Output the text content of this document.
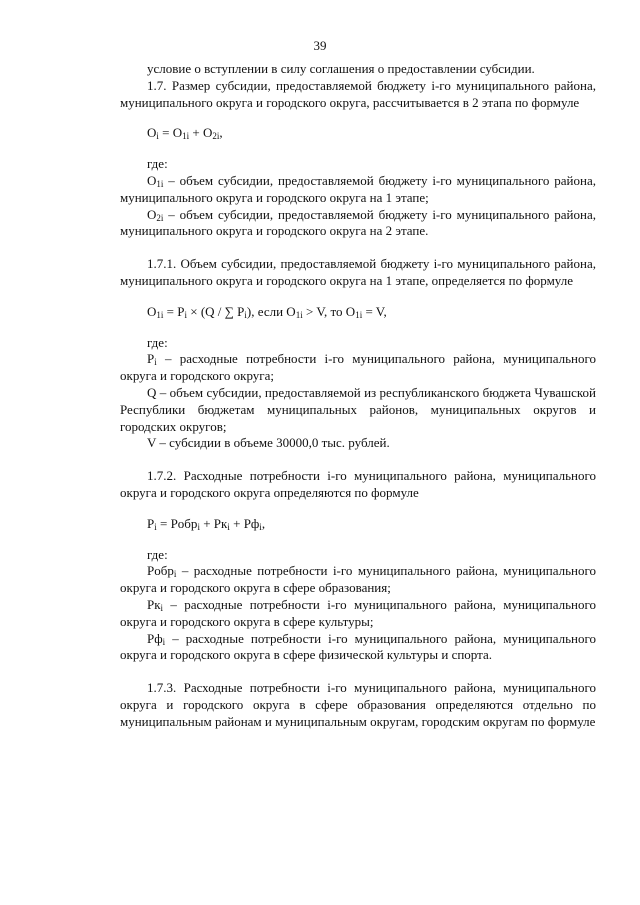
39

условие о вступлении в силу соглашения о предоставлении субсидии.

1.7. Размер субсидии, предоставляемой бюджету i-го муниципального района, муниципального округа и городского округа, рассчитывается в 2 этапа по формуле

$O_i = O_{1i} + O_{2i}$,

где:

$O_{1i}$ – объем субсидии, предоставляемой бюджету i-го муниципального района, муниципального округа и городского округа на 1 этапе;

$O_{2i}$ – объем субсидии, предоставляемой бюджету i-го муниципального района, муниципального округа и городского округа на 2 этапе.

1.7.1. Объем субсидии, предоставляемой бюджету i-го муниципального района, муниципального округа и городского округа на 1 этапе, определяется по формуле

$O_{1i} = P_i \times (Q$ / ∑ $P_i$), если $O_{1i} > V$, то $O_{1i} = V$,

где:

$P_i$ – расходные потребности i-го муниципального района, муниципального округа и городского округа;

Q – объем субсидии, предоставляемой из республиканского бюджета Чувашской Республики бюджетам муниципальных районов, муниципальных округов и городских округов;

V – субсидии в объеме 30000,0 тыс. рублей.

1.7.2. Расходные потребности i-го муниципального района, муниципального округа и городского округа определяются по формуле

$P_i$ = Pобр$_i$ + $Pк_i + Pф_i$,

где:

Pобр$_i$ – расходные потребности i-го муниципального района, муниципального округа и городского округа в сфере образования;

$Pк_i$ – расходные потребности i-го муниципального района, муниципального округа и городского округа в сфере культуры;

$Pф_i$ – расходные потребности i-го муниципального района, муниципального округа и городского округа в сфере физической культуры и спорта.

1.7.3. Расходные потребности i-го муниципального района, муниципального округа и городского округа в сфере образования определяются отдельно по муниципальным районам и муниципальным округам, городским округам по формуле
